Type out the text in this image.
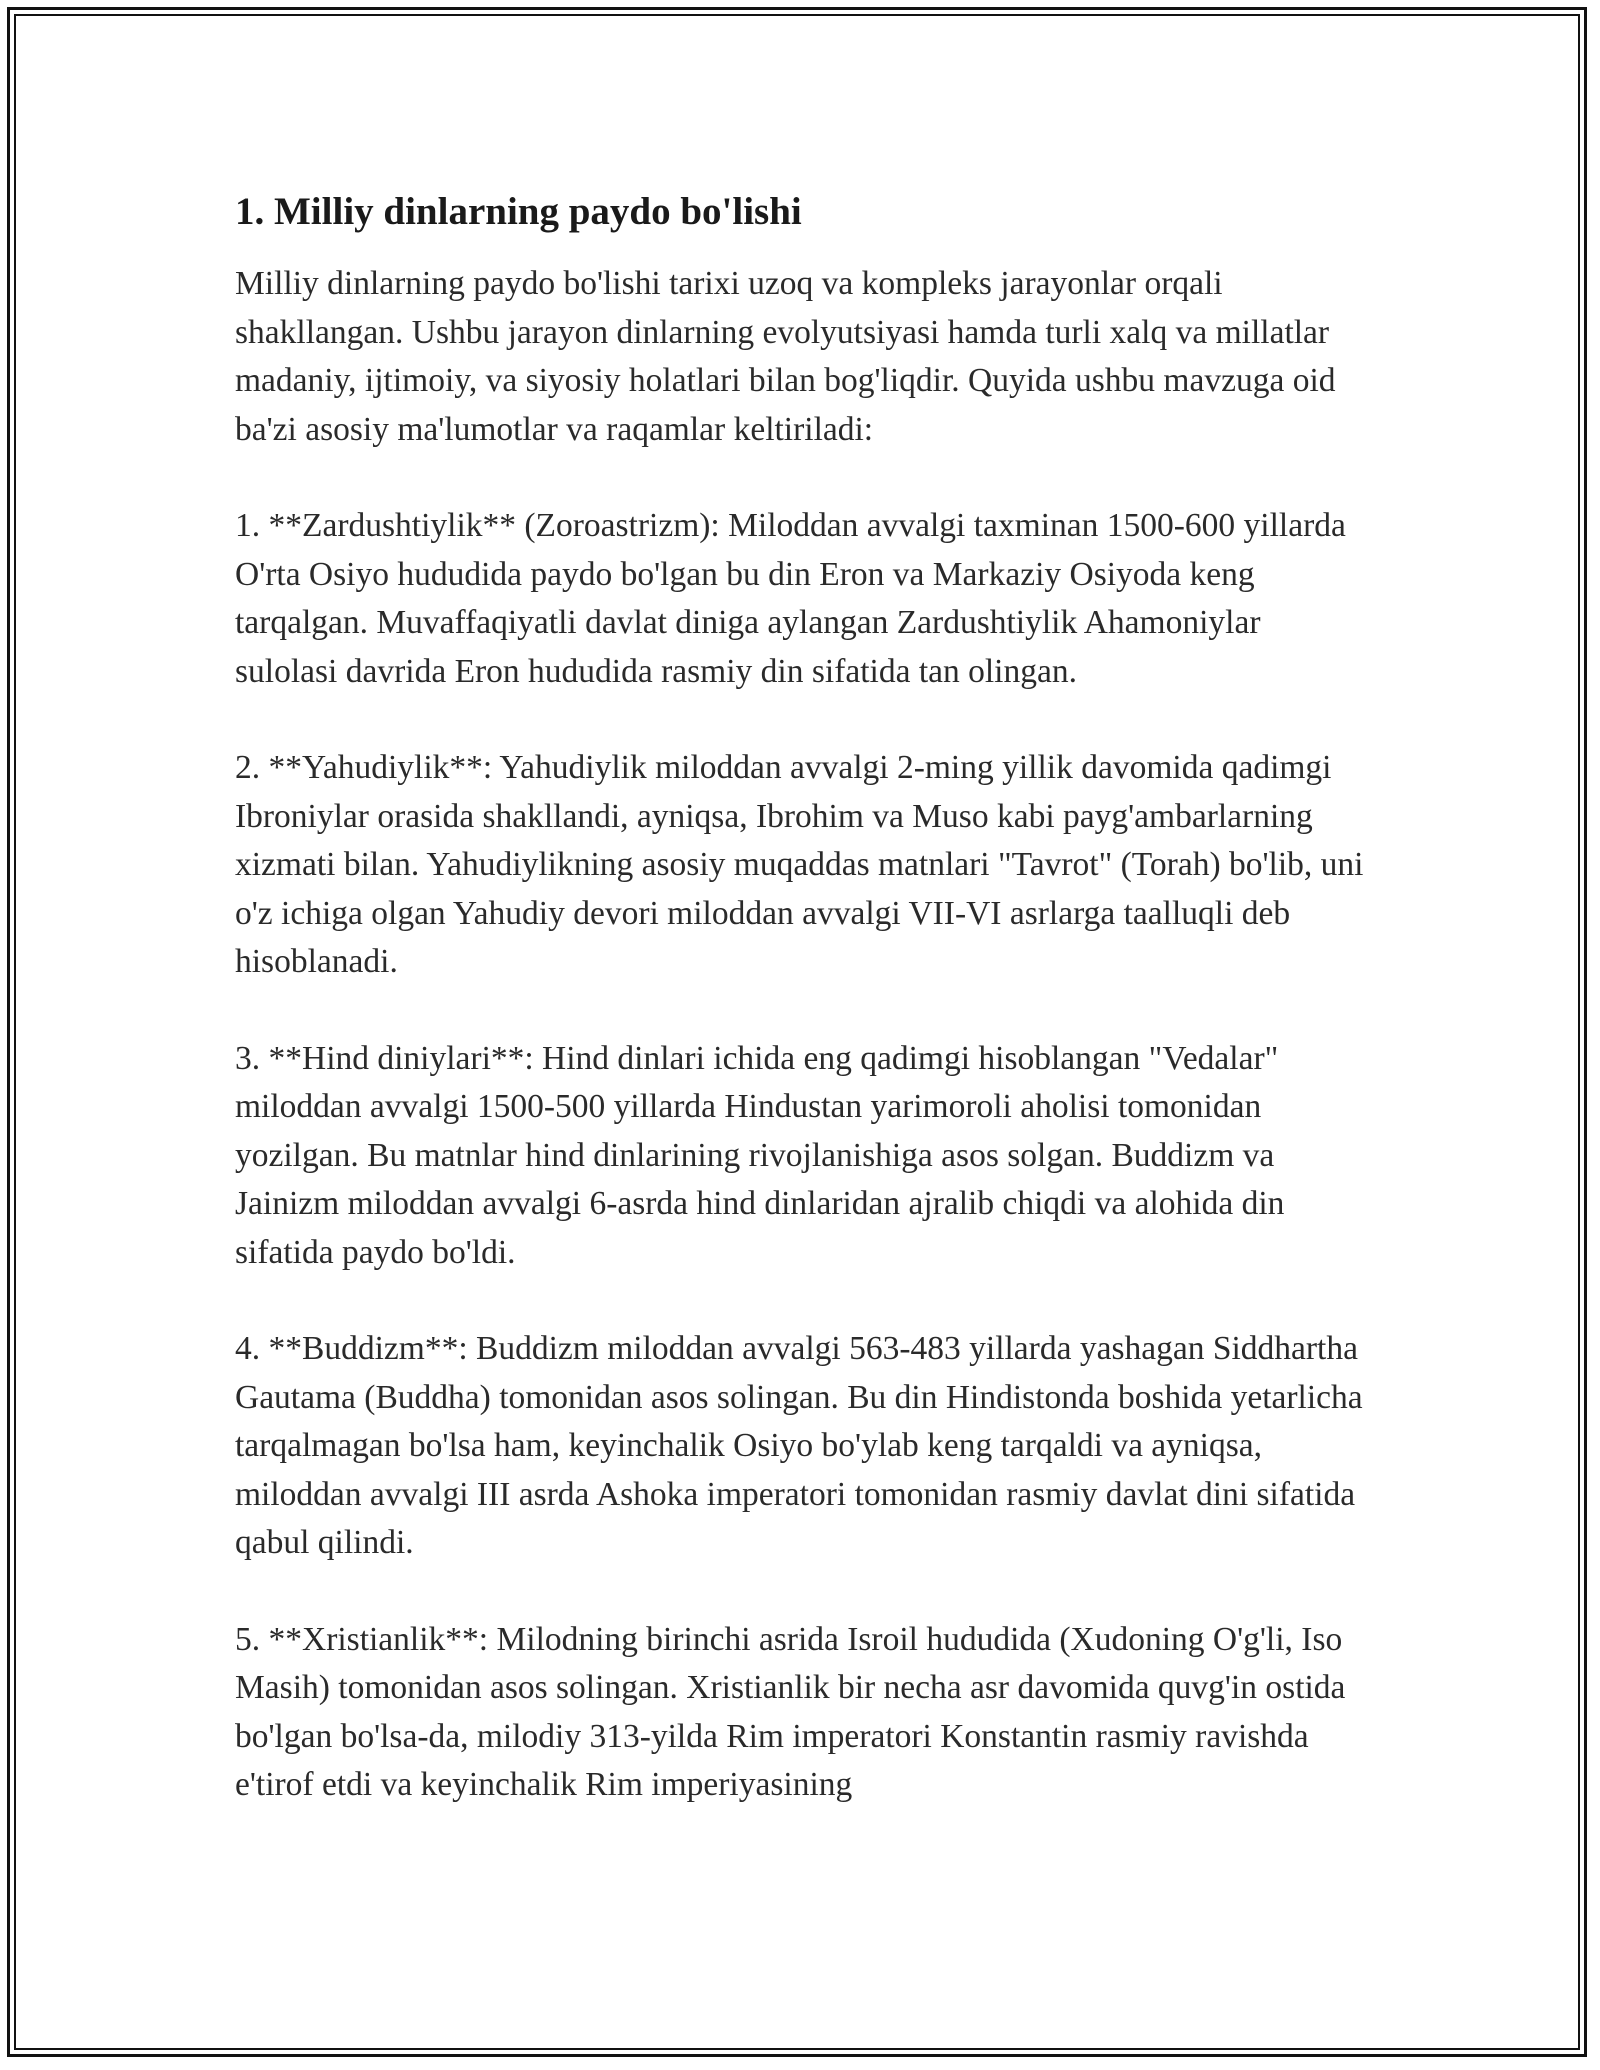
1. Milliy dinlarning paydo bo'lishi

Milliy dinlarning paydo bo'lishi tarixi uzoq va kompleks jarayonlar orqali shakllangan. Ushbu jarayon dinlarning evolyutsiyasi hamda turli xalq va millatlar madaniy, ijtimoiy, va siyosiy holatlari bilan bog'liqdir. Quyida ushbu mavzuga oid ba'zi asosiy ma'lumotlar va raqamlar keltiriladi:

1. **Zardushtiylik** (Zoroastrizm): Miloddan avvalgi taxminan 1500-600 yillarda O'rta Osiyo hududida paydo bo'lgan bu din Eron va Markaziy Osiyoda keng tarqalgan. Muvaffaqiyatli davlat diniga aylangan Zardushtiylik Ahamoniylar sulolasi davrida Eron hududida rasmiy din sifatida tan olingan.

2. **Yahudiylik**: Yahudiylik miloddan avvalgi 2-ming yillik davomida qadimgi Ibroniylar orasida shakllandi, ayniqsa, Ibrohim va Muso kabi payg'ambarlarning xizmati bilan. Yahudiylikning asosiy muqaddas matnlari "Tavrot" (Torah) bo'lib, uni o'z ichiga olgan Yahudiy devori miloddan avvalgi VII-VI asrlarga taalluqli deb hisoblanadi.

3. **Hind diniylari**: Hind dinlari ichida eng qadimgi hisoblangan "Vedalar" miloddan avvalgi 1500-500 yillarda Hindustan yarimoroli aholisi tomonidan yozilgan. Bu matnlar hind dinlarining rivojlanishiga asos solgan. Buddizm va Jainizm miloddan avvalgi 6-asrda hind dinlaridan ajralib chiqdi va alohida din sifatida paydo bo'ldi.

4. **Buddizm**: Buddizm miloddan avvalgi 563-483 yillarda yashagan Siddhartha Gautama (Buddha) tomonidan asos solingan. Bu din Hindistonda boshida yetarlicha tarqalmagan bo'lsa ham, keyinchalik Osiyo bo'ylab keng tarqaldi va ayniqsa, miloddan avvalgi III asrda Ashoka imperatori tomonidan rasmiy davlat dini sifatida qabul qilindi.

5. **Xristianlik**: Milodning birinchi asrida Isroil hududida (Xudoning O'g'li, Iso Masih) tomonidan asos solingan. Xristianlik bir necha asr davomida quvg'in ostida bo'lgan bo'lsa-da, milodiy 313-yilda Rim imperatori Konstantin rasmiy ravishda e'tirof etdi va keyinchalik Rim imperiyasining
